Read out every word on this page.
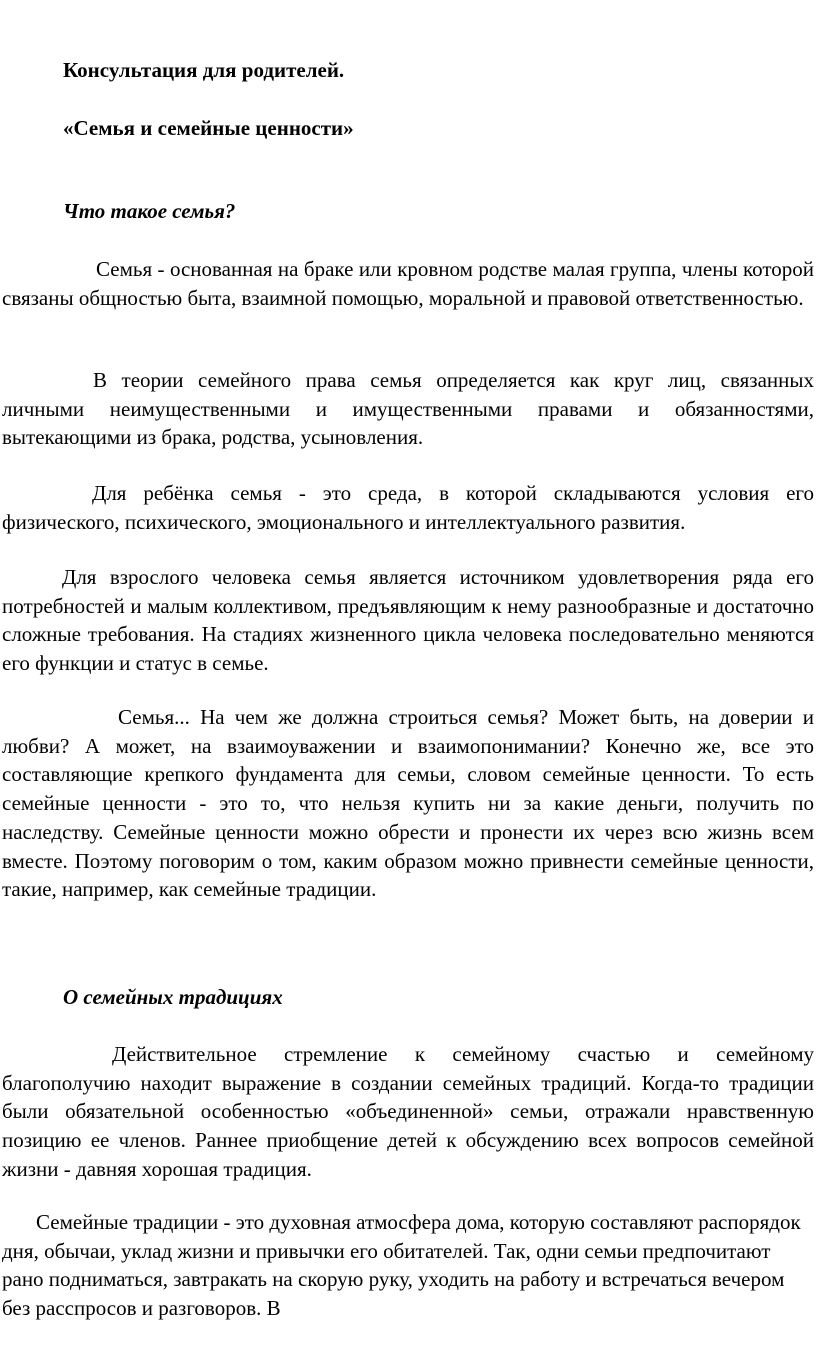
Консультация для родителей.

«Семья и семейные ценности»

Что такое семья?

Семья - основанная на браке или кровном родстве малая группа, члены которой связаны общностью быта, взаимной помощью, моральной и правовой ответственностью.

В теории семейного права семья определяется как круг лиц, связанных личными неимущественными и имущественными правами и обязанностями, вытекающими из брака, родства, усыновления.

Для ребёнка семья - это среда, в которой складываются условия его физического, психического, эмоционального и интеллектуального развития.

Для взрослого человека семья является источником удовлетворения ряда его потребностей и малым коллективом, предъявляющим к нему разнообразные и достаточно сложные требования. На стадиях жизненного цикла человека последовательно меняются его функции и статус в семье.

Семья... На чем же должна строиться семья? Может быть, на доверии и любви? А может, на взаимоуважении и взаимопонимании? Конечно же, все это составляющие крепкого фундамента для семьи, словом семейные ценности. То есть семейные ценности - это то, что нельзя купить ни за какие деньги, получить по наследству. Семейные ценности можно обрести и пронести их через всю жизнь всем вместе. Поэтому поговорим о том, каким образом можно привнести семейные ценности, такие, например, как семейные традиции.

О семейных традициях

Действительное стремление к семейному счастью и семейному благополучию находит выражение в создании семейных традиций. Когда-то традиции были обязательной особенностью «объединенной» семьи, отражали нравственную позицию ее членов. Раннее приобщение детей к обсуждению всех вопросов семейной жизни - давняя хорошая традиция.

Семейные традиции - это духовная атмосфера дома, которую составляют распорядок дня, обычаи, уклад жизни и привычки его обитателей. Так, одни семьи предпочитают рано подниматься, завтракать на скорую руку, уходить на работу и встречаться вечером без расспросов и разговоров. В
